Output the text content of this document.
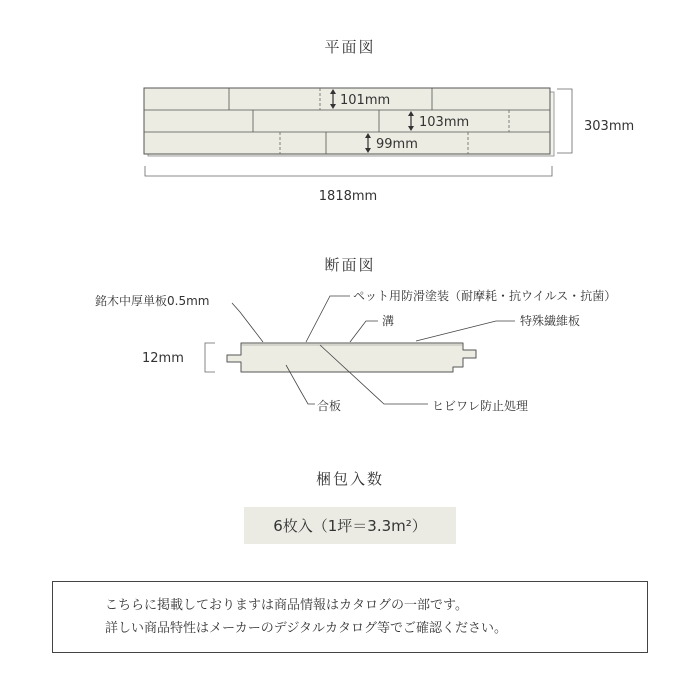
平面図
101mm
103mm
99mm
303mm
1818mm
断面図
12mm
銘木中厚単板0.5mm	ペット用防滑塗装（耐摩耗・抗ウイルス・抗菌）
溝	特殊繊維板
合板	ヒビワレ防止処理
梱包入数
6枚入（1坪＝3.3m²）
こちらに掲載しておりますは商品情報はカタログの一部です。
詳しい商品特性はメーカーのデジタルカタログ等でご確認ください。
